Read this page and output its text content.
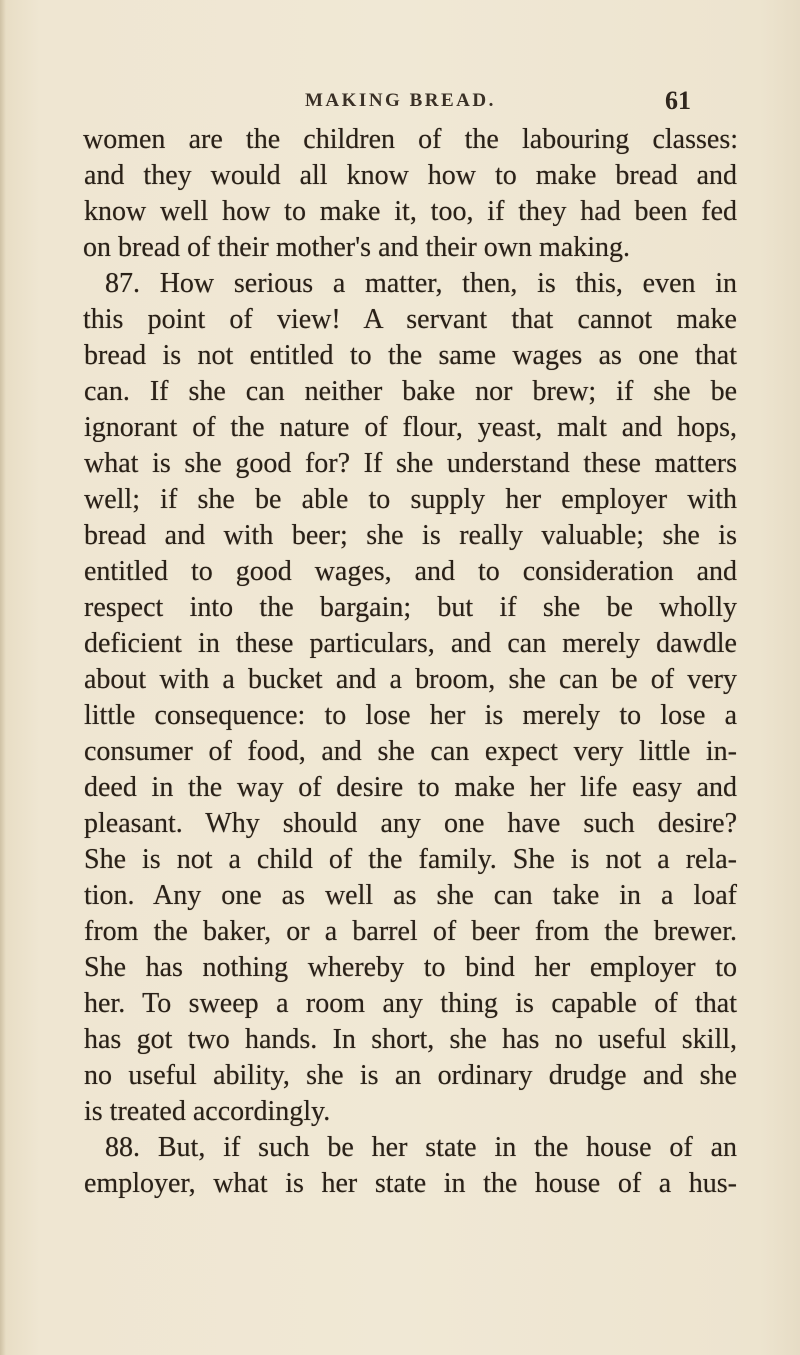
MAKING BREAD.	61
women are the children of the labouring classes:
and they would all know how to make bread and
know well how to make it, too, if they had been fed
on bread of their mother's and their own making.
87. How serious a matter, then, is this, even in
this point of view! A servant that cannot make
bread is not entitled to the same wages as one that
can. If she can neither bake nor brew; if she be
ignorant of the nature of flour, yeast, malt and hops,
what is she good for? If she understand these matters
well; if she be able to supply her employer with
bread and with beer; she is really valuable; she is
entitled to good wages, and to consideration and
respect into the bargain; but if she be wholly
deficient in these particulars, and can merely dawdle
about with a bucket and a broom, she can be of very
little consequence: to lose her is merely to lose a
consumer of food, and she can expect very little in-
deed in the way of desire to make her life easy and
pleasant. Why should any one have such desire?
She is not a child of the family. She is not a rela-
tion. Any one as well as she can take in a loaf
from the baker, or a barrel of beer from the brewer.
She has nothing whereby to bind her employer to
her. To sweep a room any thing is capable of that
has got two hands. In short, she has no useful skill,
no useful ability, she is an ordinary drudge and she
is treated accordingly.
88. But, if such be her state in the house of an
employer, what is her state in the house of a hus-
